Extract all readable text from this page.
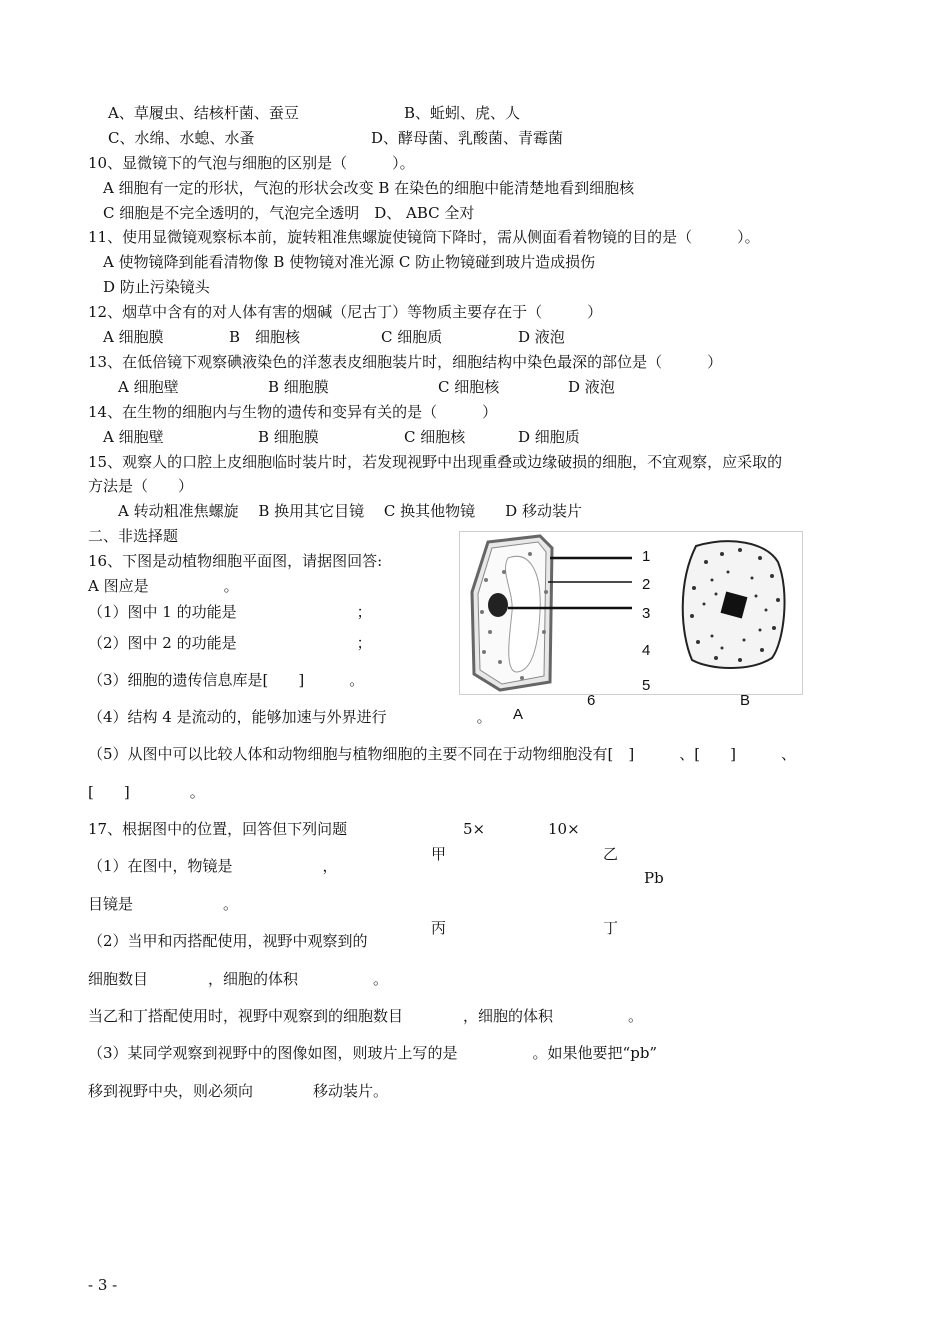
A、草履虫、结核杆菌、蚕豆	B、蚯蚓、虎、人
C、水绵、水螅、水蚤	D、酵母菌、乳酸菌、青霉菌
10、显微镜下的气泡与细胞的区别是（　　　）。
A 细胞有一定的形状，气泡的形状会改变 B 在染色的细胞中能清楚地看到细胞核
C 细胞是不完全透明的，气泡完全透明　D、 ABC 全对
11、使用显微镜观察标本前，旋转粗准焦螺旋使镜筒下降时，需从侧面看着物镜的目的是（　　　）。
A 使物镜降到能看清物像 B 使物镜对准光源 C 防止物镜碰到玻片造成损伤
D 防止污染镜头
12、烟草中含有的对人体有害的烟碱（尼古丁）等物质主要存在于（　　　）
A 细胞膜	B　细胞核	C 细胞质	D 液泡
13、在低倍镜下观察碘液染色的洋葱表皮细胞装片时，细胞结构中染色最深的部位是（　　　）
A 细胞壁	B 细胞膜	C 细胞核	D 液泡
14、在生物的细胞内与生物的遗传和变异有关的是（　　　）
A 细胞壁	B 细胞膜	C 细胞核	D 细胞质
15、观察人的口腔上皮细胞临时装片时，若发现视野中出现重叠或边缘破损的细胞，不宜观察，应采取的
方法是（　　）
A 转动粗准焦螺旋　 B 换用其它目镜　 C 换其他物镜　　D 移动装片
二、非选择题
16、下图是动植物细胞平面图，请据图回答:
A 图应是　　　　　。
（1）图中 1 的功能是　　　　　　　　；
（2）图中 2 的功能是　　　　　　　　；
（3）细胞的遗传信息库是[　　]　　　。
（4）结构 4 是流动的，能够加速与外界进行　　　　　　。
（5）从图中可以比较人体和动物细胞与植物细胞的主要不同在于动物细胞没有[　]　　　、[　　]　　　、
[　　]　　　　。
17、根据图中的位置，回答但下列问题
（1）在图中，物镜是　　　　　　，
目镜是　　　　　　。
（2）当甲和丙搭配使用，视野中观察到的
细胞数目　　　　，细胞的体积　　　　　。
当乙和丁搭配使用时，视野中观察到的细胞数目　　　　，细胞的体积　　　　　。
（3）某同学观察到视野中的图像如图，则玻片上写的是　　　　　。如果他要把“pb”
移到视野中央，则必须向　　　　移动装片。
5×	10×
甲	乙
Pb
丙	丁
- 3 -
1
2
3
4
5
6
A
B
